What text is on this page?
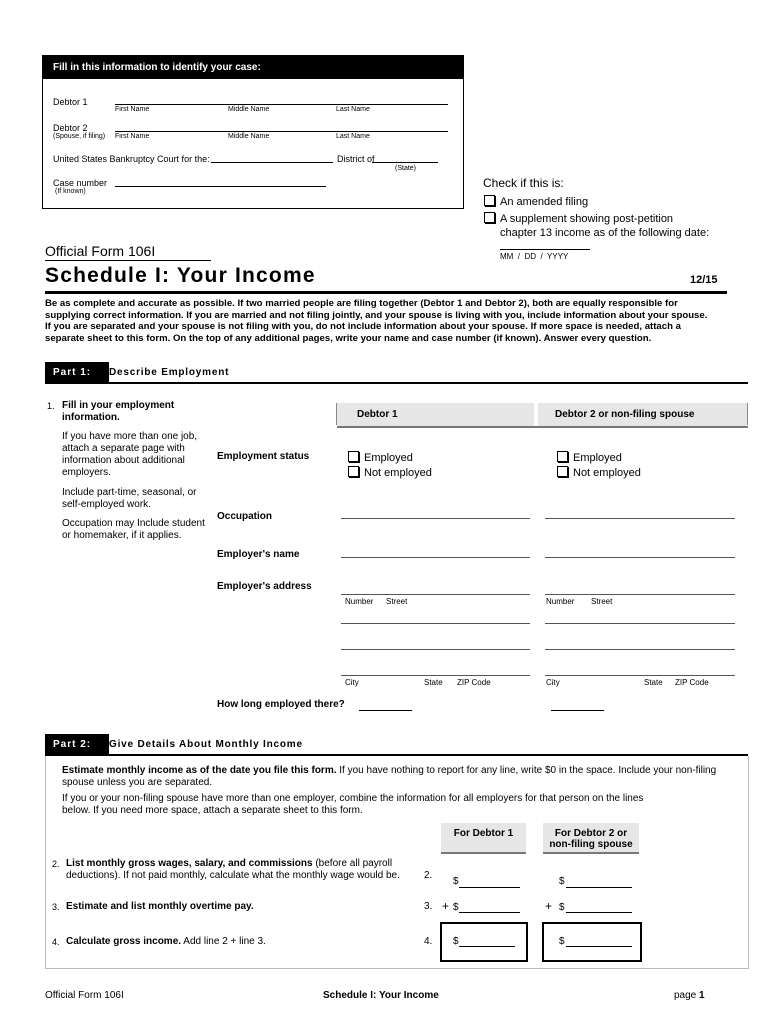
Fill in this information to identify your case:
Debtor 1
First Name	Middle Name	Last Name
Debtor 2
(Spouse, if filing) First Name	Middle Name	Last Name
United States Bankruptcy Court for the:	District of
(State)
Case number
(If known)
Check if this is:
An amended filing
A supplement showing post-petition
chapter 13 income as of the following date:
MM  /  DD  /  YYYY
Official Form 106I
Schedule I: Your Income	12/15
Be as complete and accurate as possible. If two married people are filing together (Debtor 1 and Debtor 2), both are equally responsible for
supplying correct information. If you are married and not filing jointly, and your spouse is living with you, include information about your spouse.
If you are separated and your spouse is not filing with you, do not include information about your spouse. If more space is needed, attach a
separate sheet to this form. On the top of any additional pages, write your name and case number (if known). Answer every question.
Part 1:	Describe Employment
1. Fill in your employment
information.
If you have more than one job,
attach a separate page with
information about additional
employers.
Include part-time, seasonal, or
self-employed work.
Occupation may Include student
or homemaker, if it applies.
Debtor 1	Debtor 2 or non-filing spouse
Employment status	Employed
Not employed
Employed
Not employed
Occupation
Employer's name
Employer's address
Number Street	Number Street
City	State ZIP Code	City	State ZIP Code
How long employed there?
Part 2:	Give Details About Monthly Income
Estimate monthly income as of the date you file this form. If you have nothing to report for any line, write $0 in the space. Include your non-filing
spouse unless you are separated.
If you or your non-filing spouse have more than one employer, combine the information for all employers for that person on the lines
below. If you need more space, attach a separate sheet to this form.
For Debtor 1	For Debtor 2 or
non-filing spouse
2. List monthly gross wages, salary, and commissions (before all payroll
deductions). If not paid monthly, calculate what the monthly wage would be. 2.
$	$
3. Estimate and list monthly overtime pay.	3. + $	+ $
4. Calculate gross income. Add line 2 + line 3.	4. $	$
Official Form 106I	Schedule I: Your Income	page 1
